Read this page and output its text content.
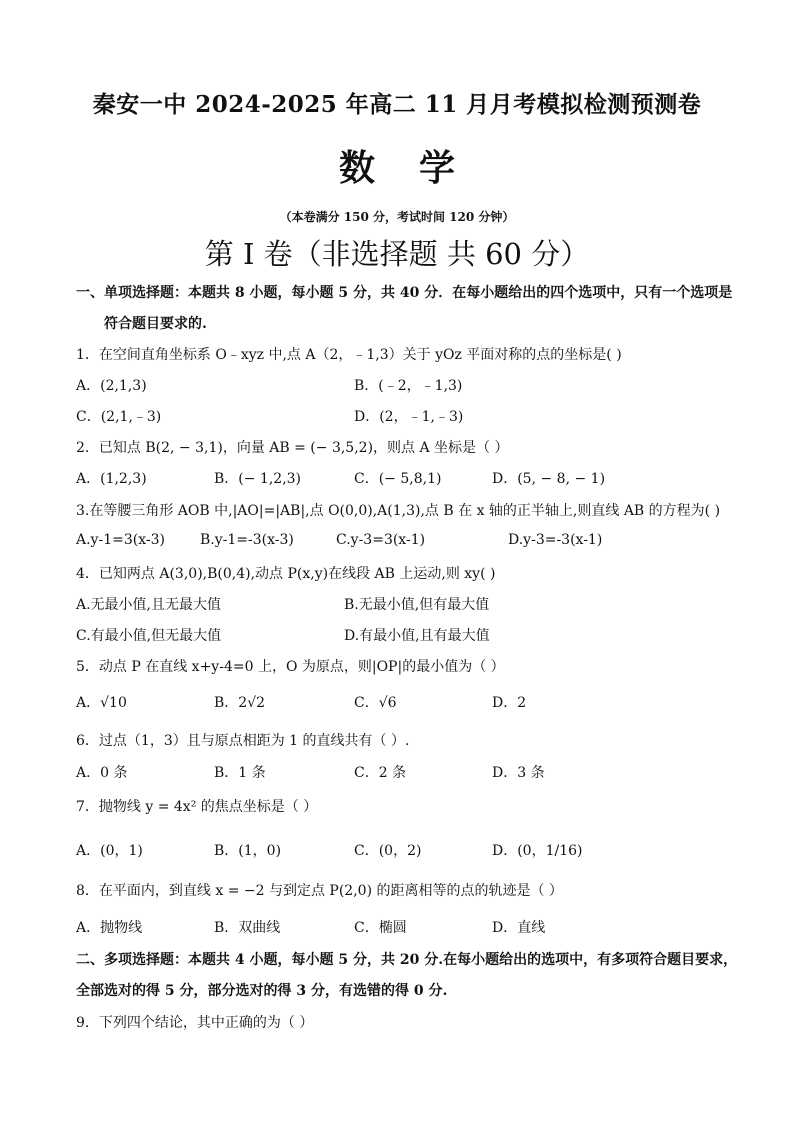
秦安一中 2024-2025 年高二 11 月月考模拟检测预测卷
数 学
（本卷满分 150 分，考试时间 120 分钟）
第 I 卷（非选择题 共 60 分）
一、单项选择题：本题共 8 小题，每小题 5 分，共 40 分．在每小题给出的四个选项中，只有一个选项是
符合题目要求的.
1．在空间直角坐标系 O﹣xyz 中,点 A（2，﹣1,3）关于 yOz 平面对称的点的坐标是( )
A．(2,1,3)	B．(﹣2，﹣1,3)
C．(2,1,﹣3)	D．(2，﹣1,﹣3)
2．已知点 B(2, − 3,1)，向量 AB = (− 3,5,2)，则点 A 坐标是（ ）
A．(1,2,3)	B．(− 1,2,3)	C．(− 5,8,1)	D．(5, − 8, − 1)
3.在等腰三角形 AOB 中,|AO|=|AB|,点 O(0,0),A(1,3),点 B 在 x 轴的正半轴上,则直线 AB 的方程为( )
A.y-1=3(x-3)	B.y-1=-3(x-3)	C.y-3=3(x-1)	D.y-3=-3(x-1)
4．已知两点 A(3,0),B(0,4),动点 P(x,y)在线段 AB 上运动,则 xy( )
A.无最小值,且无最大值	B.无最小值,但有最大值
C.有最小值,但无最大值	D.有最小值,且有最大值
5．动点 P 在直线 x+y-4=0 上，O 为原点，则|OP|的最小值为（ ）
A．√10	B．2√2	C．√6	D．2
6．过点（1，3）且与原点相距为 1 的直线共有（ ）.
A．0 条	B．1 条	C．2 条	D．3 条
7．抛物线 y = 4x² 的焦点坐标是（ ）
A．(0，1)	B．(1，0)	C．(0，2)	D．(0，1/16)
8．在平面内，到直线 x = −2 与到定点 P(2,0) 的距离相等的点的轨迹是（ ）
A．抛物线	B．双曲线	C．椭圆	D．直线
二、多项选择题：本题共 4 小题，每小题 5 分，共 20 分.在每小题给出的选项中，有多项符合题目要求，
全部选对的得 5 分，部分选对的得 3 分，有选错的得 0 分.
9．下列四个结论，其中正确的为（ ）
